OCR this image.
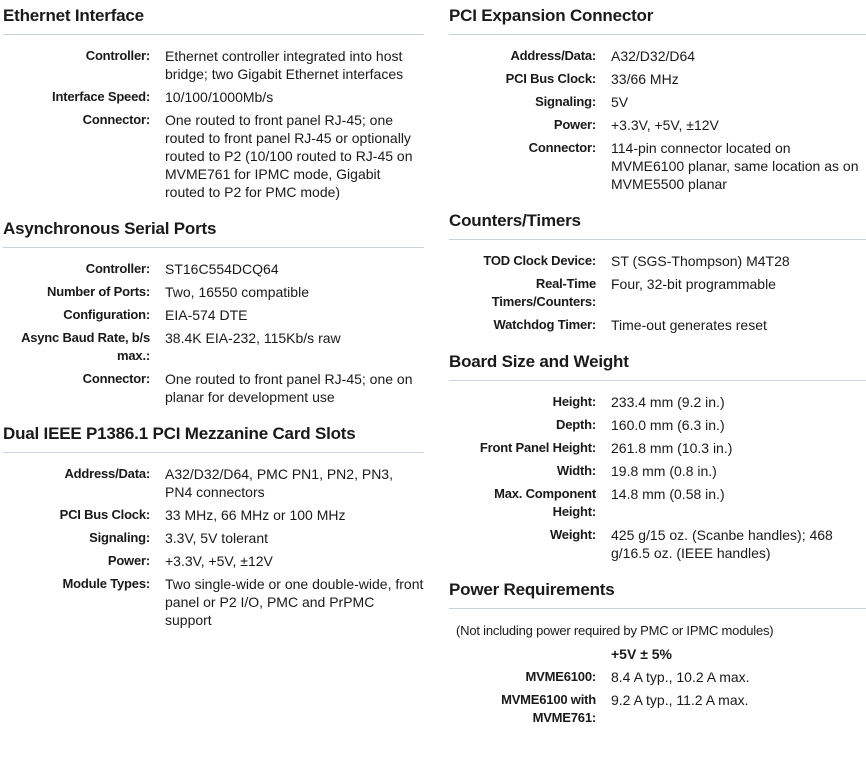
Ethernet Interface
Controller:	Ethernet controller integrated into host bridge; two Gigabit Ethernet interfaces
Interface Speed:	10/100/1000Mb/s
Connector:	One routed to front panel RJ-45; one routed to front panel RJ-45 or optionally routed to P2 (10/100 routed to RJ-45 on MVME761 for IPMC mode, Gigabit routed to P2 for PMC mode)
Asynchronous Serial Ports
Controller:	ST16C554DCQ64
Number of Ports:	Two, 16550 compatible
Configuration:	EIA-574 DTE
Async Baud Rate, b/s max.:
38.4K EIA-232, 115Kb/s raw
Connector:	One routed to front panel RJ-45; one on planar for development use
Dual IEEE P1386.1 PCI Mezzanine Card Slots
Address/Data:	A32/D32/D64, PMC PN1, PN2, PN3, PN4 connectors
PCI Bus Clock:	33 MHz, 66 MHz or 100 MHz
Signaling:	3.3V, 5V tolerant
Power:	+3.3V, +5V, ±12V
Module Types:	Two single-wide or one double-wide, front panel or P2 I/O, PMC and PrPMC support
PCI Expansion Connector
Address/Data:	A32/D32/D64
PCI Bus Clock:	33/66 MHz
Signaling:	5V
Power:	+3.3V, +5V, ±12V
Connector:	114-pin connector located on MVME6100 planar, same location as on MVME5500 planar
Counters/Timers
TOD Clock Device:	ST (SGS-Thompson) M4T28
Real-Time Timers/Counters:
Four, 32-bit programmable
Watchdog Timer:	Time-out generates reset
Board Size and Weight
Height:	233.4 mm (9.2 in.)
Depth:	160.0 mm (6.3 in.)
Front Panel Height:	261.8 mm (10.3 in.)
Width:	19.8 mm (0.8 in.)
Max. Component Height:
14.8 mm (0.58 in.)
Weight:	425 g/15 oz. (Scanbe handles); 468 g/16.5 oz. (IEEE handles)
Power Requirements
(Not including power required by PMC or IPMC modules)
+5V ± 5%
MVME6100:	8.4 A typ., 10.2 A max.
MVME6100 with MVME761:
9.2 A typ., 11.2 A max.
